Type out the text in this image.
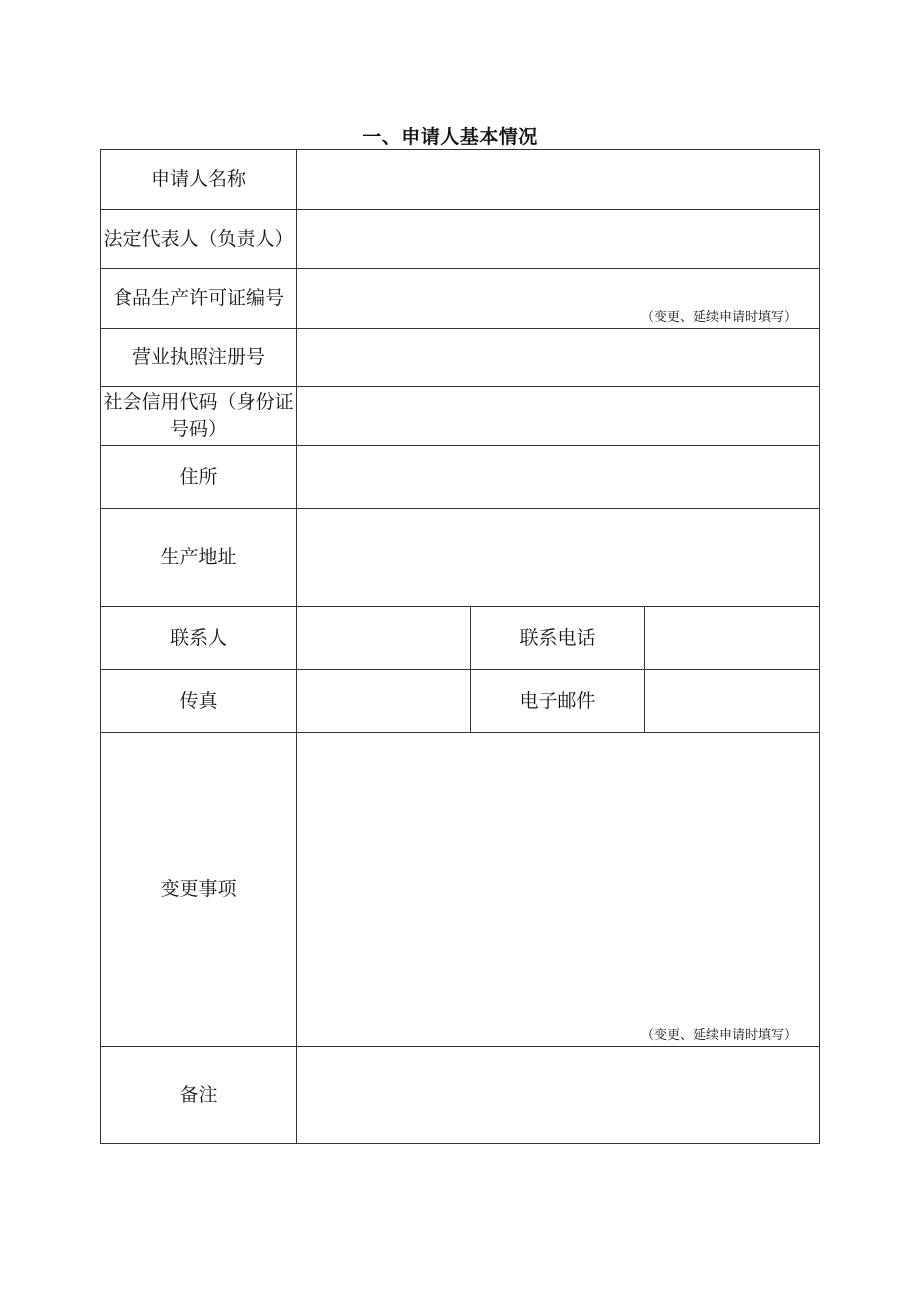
一、申请人基本情况
申请人名称			
法定代表人（负责人）			
食品生产许可证编号	（变更、延续申请时填写）		

营业执照注册号			
社会信用代码（身份证号码）			
住所			
生产地址			
联系人		联系电话	
传真		电子邮件	
变更事项	（变更、延续申请时填写）		

备注			
